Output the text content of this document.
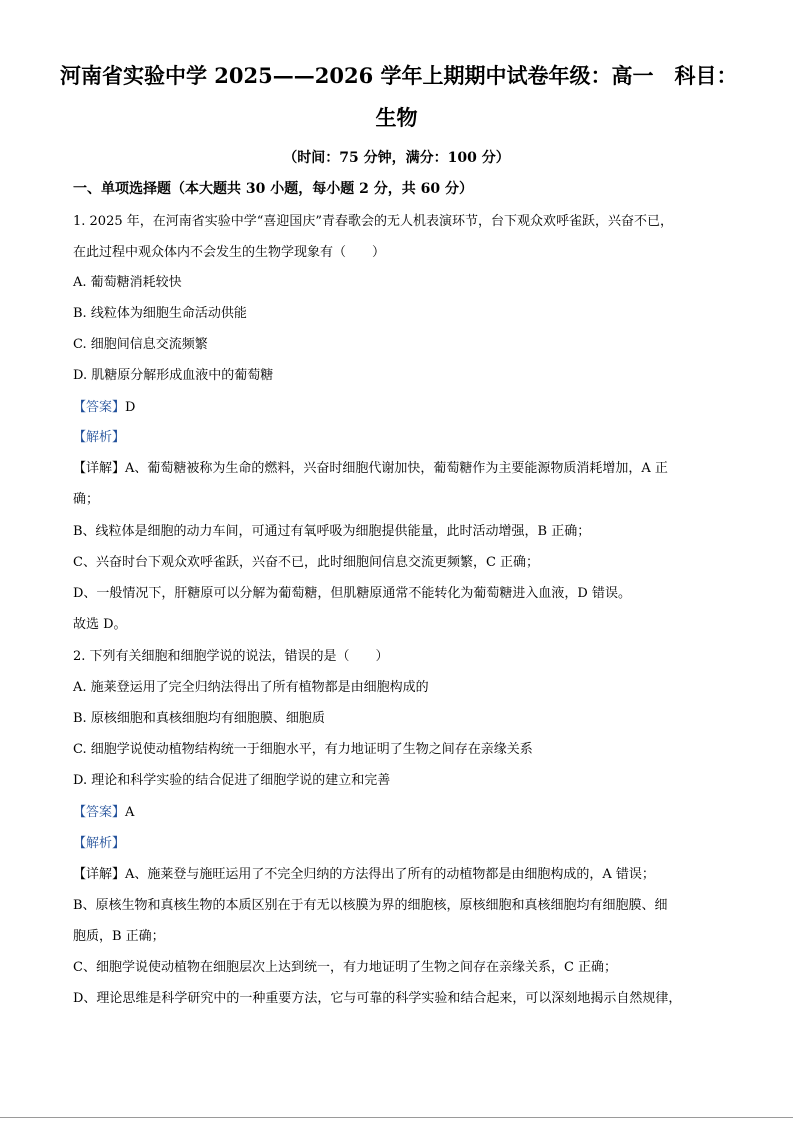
河南省实验中学 2025——2026 学年上期期中试卷年级：高一　科目：
生物
（时间：75 分钟，满分：100 分）
一、单项选择题（本大题共 30 小题，每小题 2 分，共 60 分）
1. 2025 年，在河南省实验中学“喜迎国庆”青春歌会的无人机表演环节，台下观众欢呼雀跃，兴奋不已，
在此过程中观众体内不会发生的生物学现象有（　　）
A. 葡萄糖消耗较快
B. 线粒体为细胞生命活动供能
C. 细胞间信息交流频繁
D. 肌糖原分解形成血液中的葡萄糖
【答案】D
【解析】
【详解】A、葡萄糖被称为生命的燃料，兴奋时细胞代谢加快，葡萄糖作为主要能源物质消耗增加，A 正
确；
B、线粒体是细胞的动力车间，可通过有氧呼吸为细胞提供能量，此时活动增强，B 正确；
C、兴奋时台下观众欢呼雀跃，兴奋不已，此时细胞间信息交流更频繁，C 正确；
D、一般情况下，肝糖原可以分解为葡萄糖，但肌糖原通常不能转化为葡萄糖进入血液，D 错误。
故选 D。
2. 下列有关细胞和细胞学说的说法，错误的是（　　）
A. 施莱登运用了完全归纳法得出了所有植物都是由细胞构成的
B. 原核细胞和真核细胞均有细胞膜、细胞质
C. 细胞学说使动植物结构统一于细胞水平，有力地证明了生物之间存在亲缘关系
D. 理论和科学实验的结合促进了细胞学说的建立和完善
【答案】A
【解析】
【详解】A、施莱登与施旺运用了不完全归纳的方法得出了所有的动植物都是由细胞构成的，A 错误；
B、原核生物和真核生物的本质区别在于有无以核膜为界的细胞核，原核细胞和真核细胞均有细胞膜、细
胞质，B 正确；
C、细胞学说使动植物在细胞层次上达到统一，有力地证明了生物之间存在亲缘关系，C 正确；
D、理论思维是科学研究中的一种重要方法，它与可靠的科学实验和结合起来，可以深刻地揭示自然规律，
